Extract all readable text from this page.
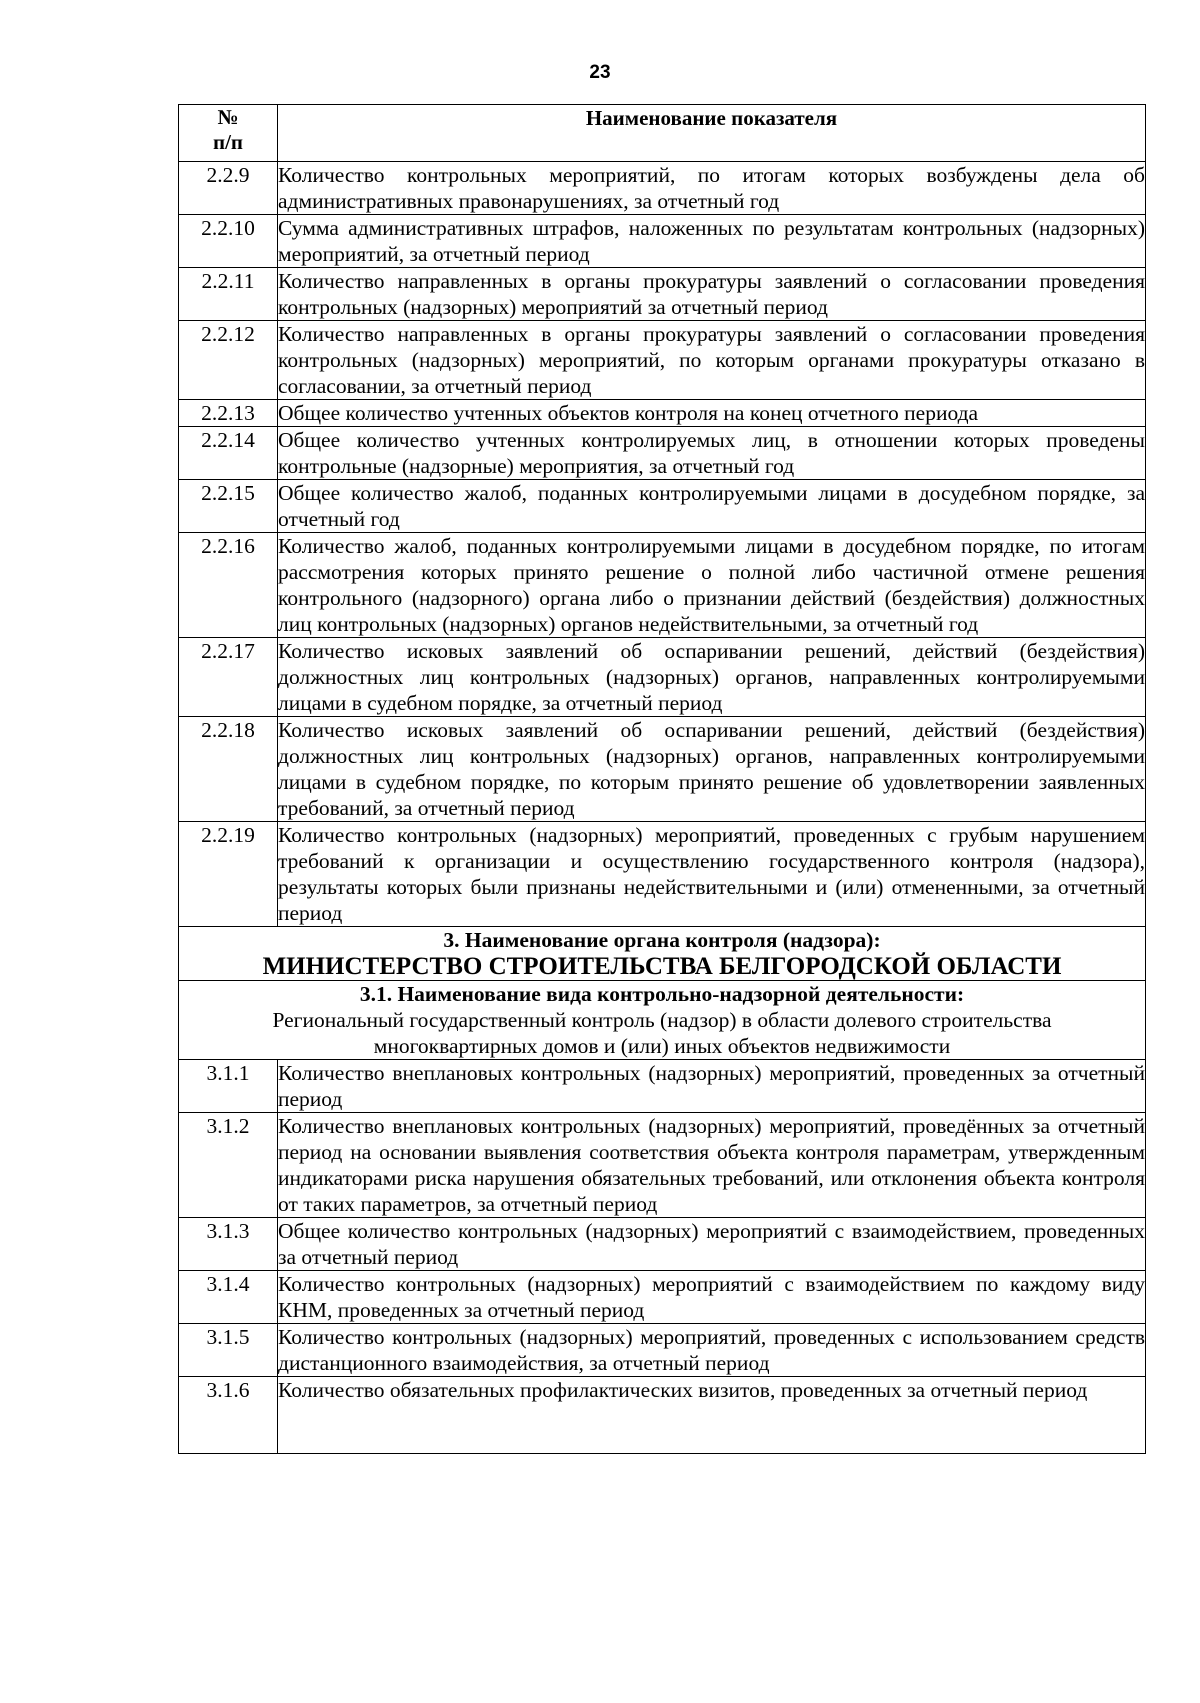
23
№
п/п	Наименование показателя
2.2.9	Количество контрольных мероприятий, по итогам которых возбуждены дела об административных правонарушениях, за отчетный год
2.2.10	Сумма административных штрафов, наложенных по результатам контрольных (надзорных) мероприятий, за отчетный период
2.2.11	Количество направленных в органы прокуратуры заявлений о согласовании проведения контрольных (надзорных) мероприятий за отчетный период
2.2.12	Количество направленных в органы прокуратуры заявлений о согласовании проведения контрольных (надзорных) мероприятий, по которым органами прокуратуры отказано в согласовании, за отчетный период
2.2.13	Общее количество учтенных объектов контроля на конец отчетного периода
2.2.14	Общее количество учтенных контролируемых лиц, в отношении которых проведены контрольные (надзорные) мероприятия, за отчетный год
2.2.15	Общее количество жалоб, поданных контролируемыми лицами в досудебном порядке, за отчетный год
2.2.16	Количество жалоб, поданных контролируемыми лицами в досудебном порядке, по итогам рассмотрения которых принято решение о полной либо частичной отмене решения контрольного (надзорного) органа либо о признании действий (бездействия) должностных лиц контрольных (надзорных) органов недействительными, за отчетный год
2.2.17	Количество исковых заявлений об оспаривании решений, действий (бездействия) должностных лиц контрольных (надзорных) органов, направленных контролируемыми лицами в судебном порядке, за отчетный период
2.2.18	Количество исковых заявлений об оспаривании решений, действий (бездействия) должностных лиц контрольных (надзорных) органов, направленных контролируемыми лицами в судебном порядке, по которым принято решение об удовлетворении заявленных требований, за отчетный период
2.2.19	Количество контрольных (надзорных) мероприятий, проведенных с грубым нарушением требований к организации и осуществлению государственного контроля (надзора), результаты которых были признаны недействительными и (или) отмененными, за отчетный период

3. Наименование органа контроля (надзора):
МИНИСТЕРСТВО СТРОИТЕЛЬСТВА БЕЛГОРОДСКОЙ ОБЛАСТИ	

3.1. Наименование вида контрольно-надзорной деятельности:
Региональный государственный контроль (надзор) в области долевого строительства
многоквартирных домов и (или) иных объектов недвижимости	

3.1.1	Количество внеплановых контрольных (надзорных) мероприятий, проведенных за отчетный период
3.1.2	Количество внеплановых контрольных (надзорных) мероприятий, проведённых за отчетный период на основании выявления соответствия объекта контроля параметрам, утвержденным индикаторами риска нарушения обязательных требований, или отклонения объекта контроля от таких параметров, за отчетный период
3.1.3	Общее количество контрольных (надзорных) мероприятий с взаимодействием, проведенных за отчетный период
3.1.4	Количество контрольных (надзорных) мероприятий с взаимодействием по каждому виду КНМ, проведенных за отчетный период
3.1.5	Количество контрольных (надзорных) мероприятий, проведенных с использованием средств дистанционного взаимодействия, за отчетный период
3.1.6	Количество обязательных профилактических визитов, проведенных за отчетный период
